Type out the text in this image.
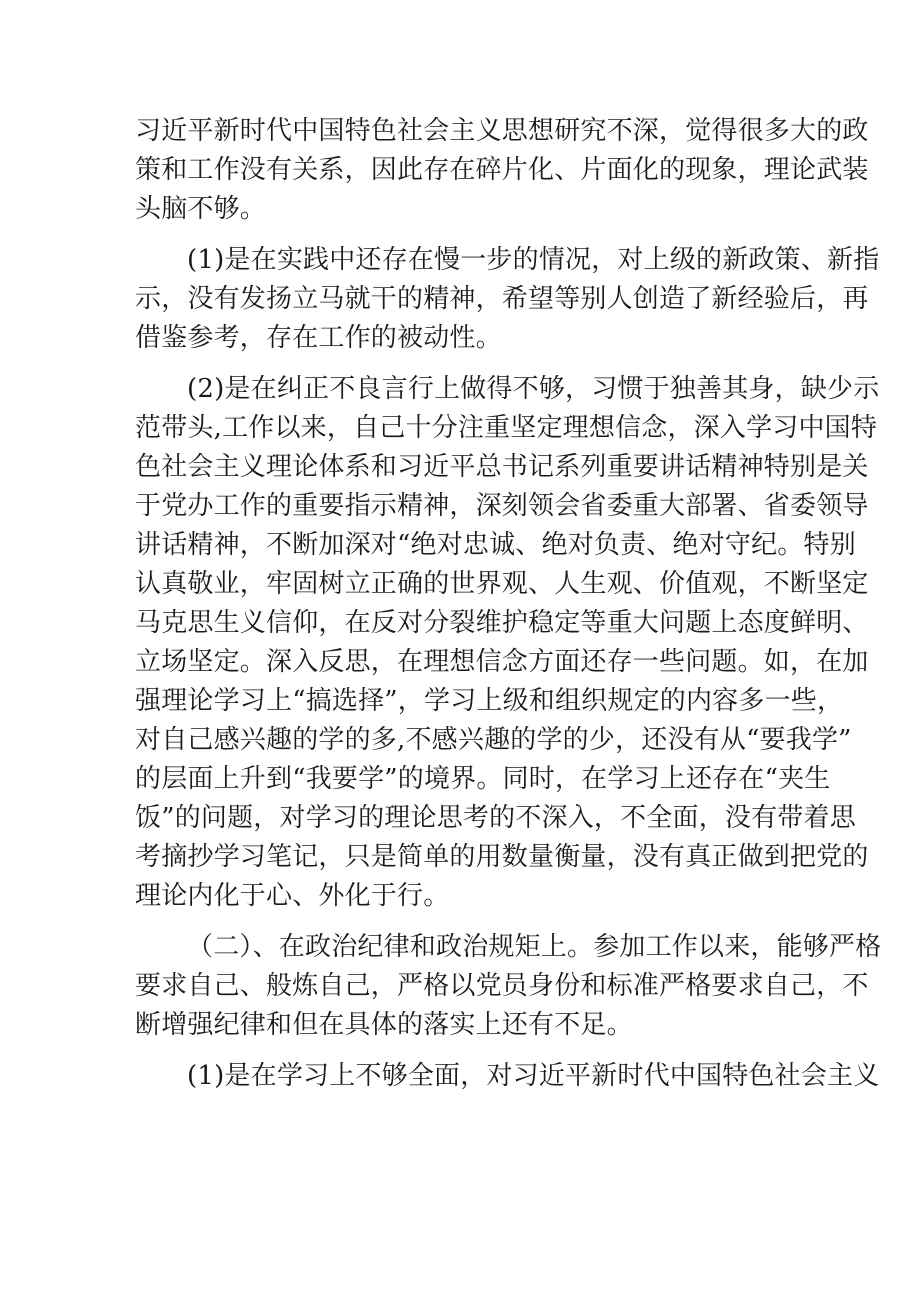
习近平新时代中国特色社会主义思想研究不深，觉得很多大的政
策和工作没有关系，因此存在碎片化、片面化的现象，理论武装
头脑不够。
(1)是在实践中还存在慢一步的情况，对上级的新政策、新指
示，没有发扬立马就干的精神，希望等别人创造了新经验后，再
借鉴参考，存在工作的被动性。
(2)是在纠正不良言行上做得不够，习惯于独善其身，缺少示
范带头,工作以来，自己十分注重坚定理想信念，深入学习中国特
色社会主义理论体系和习近平总书记系列重要讲话精神特别是关
于党办工作的重要指示精神，深刻领会省委重大部署、省委领导
讲话精神，不断加深对“绝对忠诚、绝对负责、绝对守纪。特别
认真敬业，牢固树立正确的世界观、人生观、价值观，不断坚定
马克思生义信仰，在反对分裂维护稳定等重大问题上态度鲜明、
立场坚定。深入反思，在理想信念方面还存一些问题。如，在加
强理论学习上“搞选择”，学习上级和组织规定的内容多一些，
对自己感兴趣的学的多,不感兴趣的学的少，还没有从“要我学”
的层面上升到“我要学”的境界。同时，在学习上还存在“夹生
饭”的问题，对学习的理论思考的不深入，不全面，没有带着思
考摘抄学习笔记，只是简单的用数量衡量，没有真正做到把党的
理论内化于心、外化于行。
（二）、在政治纪律和政治规矩上。参加工作以来，能够严格
要求自己、般炼自己，严格以党员身份和标准严格要求自己，不
断增强纪律和但在具体的落实上还有不足。
(1)是在学习上不够全面，对习近平新时代中国特色社会主义
